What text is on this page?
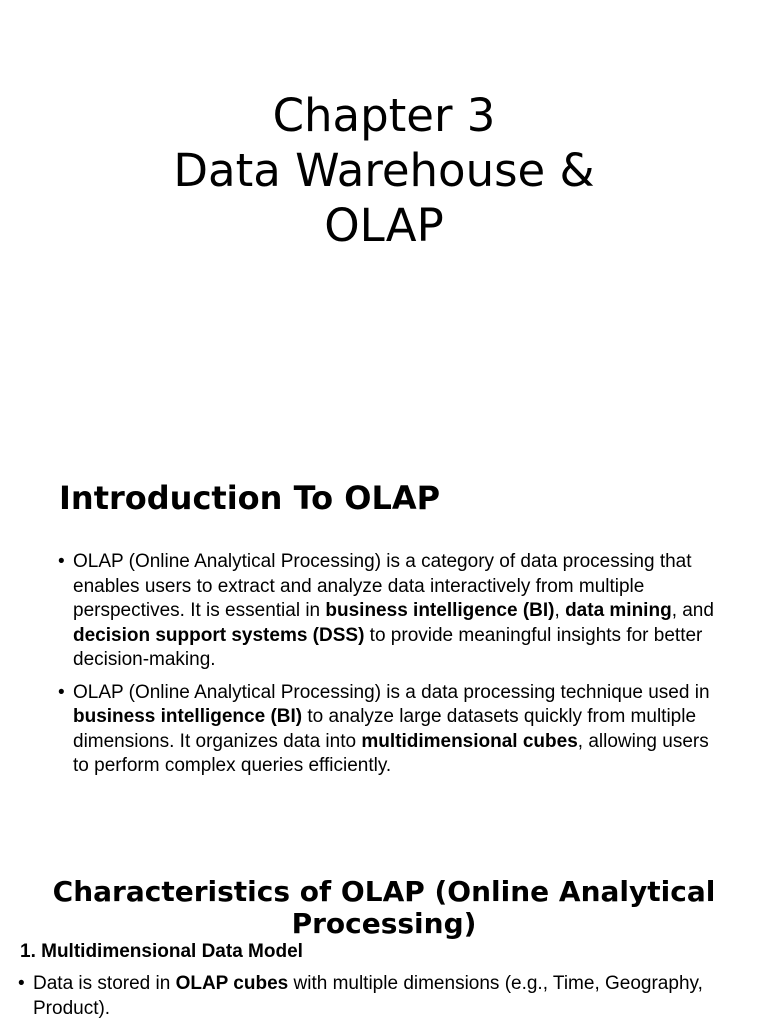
Chapter 3
Data Warehouse &
OLAP
Introduction To OLAP
• OLAP (Online Analytical Processing) is a category of data processing that enables users to extract and analyze data interactively from multiple perspectives. It is essential in business intelligence (BI), data mining, and decision support systems (DSS) to provide meaningful insights for better decision-making.
• OLAP (Online Analytical Processing) is a data processing technique used in business intelligence (BI) to analyze large datasets quickly from multiple dimensions. It organizes data into multidimensional cubes, allowing users to perform complex queries efficiently.
Characteristics of OLAP (Online Analytical
Processing)
1. Multidimensional Data Model
• Data is stored in OLAP cubes with multiple dimensions (e.g., Time, Geography, Product).
